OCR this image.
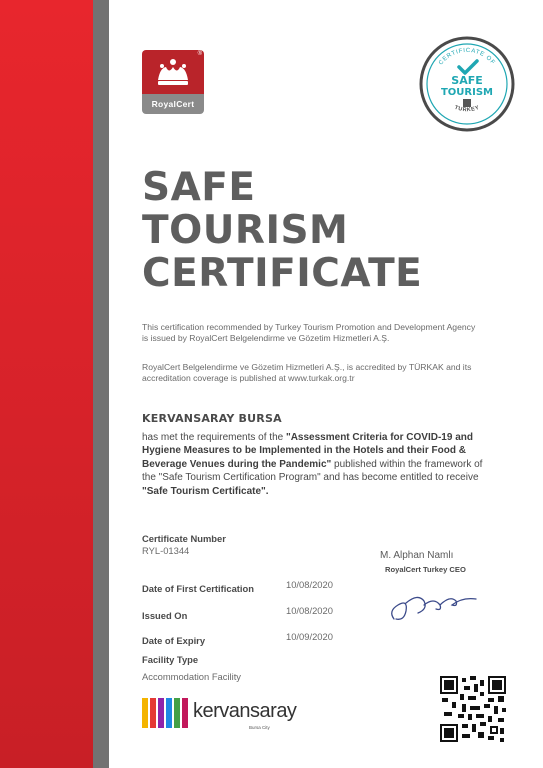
®
RoyalCert
CERTIFICATE OF
SAFE
TOURISM
TURKEY
SAFE
TOURISM
CERTIFICATE
This certification recommended by Turkey Tourism Promotion and Development Agency is issued by RoyalCert Belgelendirme ve Gözetim Hizmetleri A.Ş.
RoyalCert Belgelendirme ve Gözetim Hizmetleri A.Ş., is accredited by TÜRKAK and its accreditation coverage is published at www.turkak.org.tr
KERVANSARAY BURSA
has met the requirements of the "Assessment Criteria for COVID-19 and Hygiene Measures to be Implemented in the Hotels and their Food & Beverage Venues during the Pandemic" published within the framework of the "Safe Tourism Certification Program" and has become entitled to receive "Safe Tourism Certificate".
Certificate Number
RYL-01344
Date of First Certification	10/08/2020
Issued On	10/08/2020
Date of Expiry	10/09/2020
Facility Type
Accommodation Facility
M. Alphan Namlı
RoyalCert Turkey CEO
kervansaray
Bursa City
